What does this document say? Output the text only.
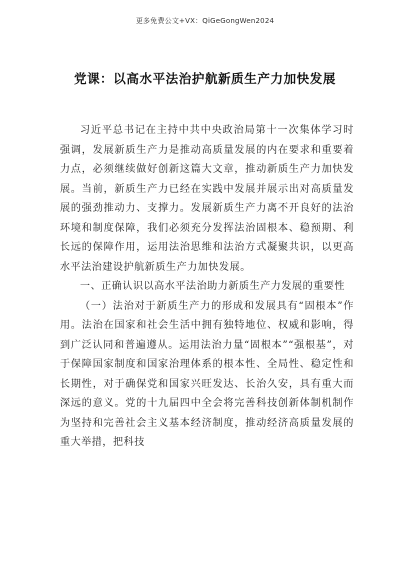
更多免费公文+VX：QiGeGongWen2024
党课：以高水平法治护航新质生产力加快发展

习近平总书记在主持中共中央政治局第十一次集体学习时强调，发展新质生产力是推动高质量发展的内在要求和重要着力点，必须继续做好创新这篇大文章，推动新质生产力加快发展。当前，新质生产力已经在实践中发展并展示出对高质量发展的强劲推动力、支撑力。发展新质生产力离不开良好的法治环境和制度保障，我们必须充分发挥法治固根本、稳预期、利长远的保障作用，运用法治思维和法治方式凝聚共识，以更高水平法治建设护航新质生产力加快发展。

一、正确认识以高水平法治助力新质生产力发展的重要性

（一）法治对于新质生产力的形成和发展具有“固根本”作用。法治在国家和社会生活中拥有独特地位、权威和影响，得到广泛认同和普遍遵从。运用法治力量“固根本”“强根基”，对于保障国家制度和国家治理体系的根本性、全局性、稳定性和长期性，对于确保党和国家兴旺发达、长治久安，具有重大而深远的意义。党的十九届四中全会将完善科技创新体制机制作为坚持和完善社会主义基本经济制度，推动经济高质量发展的重大举措，把科技
